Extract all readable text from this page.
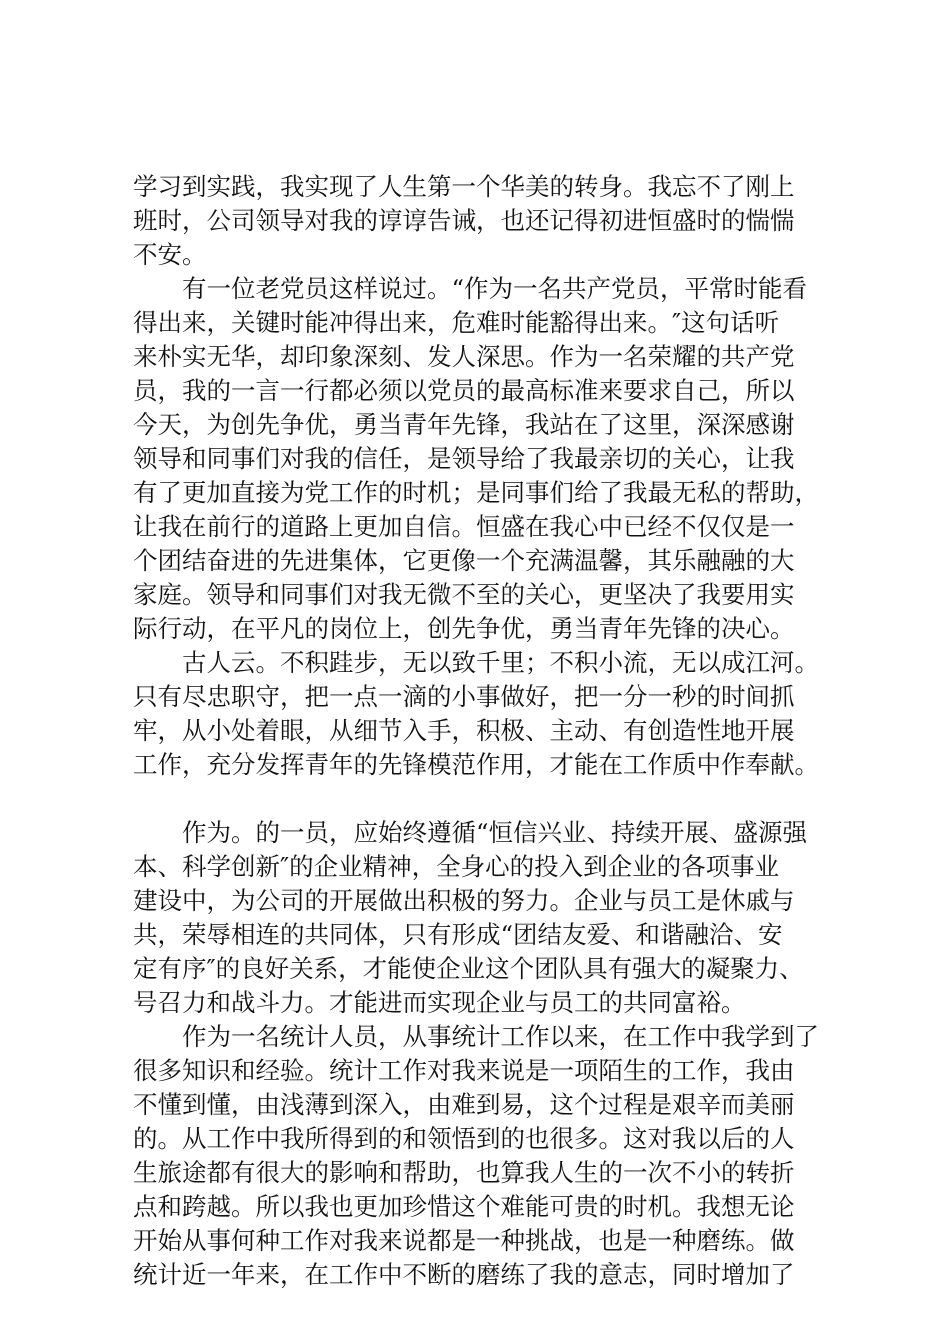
学习到实践，我实现了人生第一个华美的转身。我忘不了刚上
班时，公司领导对我的谆谆告诫，也还记得初进恒盛时的惴惴
不安。

有一位老党员这样说过。“作为一名共产党员，平常时能看
得出来，关键时能冲得出来，危难时能豁得出来。″这句话听
来朴实无华，却印象深刻、发人深思。作为一名荣耀的共产党
员，我的一言一行都必须以党员的最高标准来要求自己，所以
今天，为创先争优，勇当青年先锋，我站在了这里，深深感谢
领导和同事们对我的信任，是领导给了我最亲切的关心，让我
有了更加直接为党工作的时机；是同事们给了我最无私的帮助，
让我在前行的道路上更加自信。恒盛在我心中已经不仅仅是一
个团结奋进的先进集体，它更像一个充满温馨，其乐融融的大
家庭。领导和同事们对我无微不至的关心，更坚决了我要用实
际行动，在平凡的岗位上，创先争优，勇当青年先锋的决心。

古人云。不积跬步，无以致千里；不积小流，无以成江河。
只有尽忠职守，把一点一滴的小事做好，把一分一秒的时间抓
牢，从小处着眼，从细节入手，积极、主动、有创造性地开展
工作，充分发挥青年的先锋模范作用，才能在工作质中作奉献。

作为。的一员，应始终遵循“恒信兴业、持续开展、盛源强
本、科学创新″的企业精神，全身心的投入到企业的各项事业
建设中，为公司的开展做出积极的努力。企业与员工是休戚与
共，荣辱相连的共同体，只有形成“团结友爱、和谐融洽、安
定有序″的良好关系，才能使企业这个团队具有强大的凝聚力、
号召力和战斗力。才能进而实现企业与员工的共同富裕。

作为一名统计人员，从事统计工作以来，在工作中我学到了
很多知识和经验。统计工作对我来说是一项陌生的工作，我由
不懂到懂，由浅薄到深入，由难到易，这个过程是艰辛而美丽
的。从工作中我所得到的和领悟到的也很多。这对我以后的人
生旅途都有很大的影响和帮助，也算我人生的一次不小的转折
点和跨越。所以我也更加珍惜这个难能可贵的时机。我想无论
开始从事何种工作对我来说都是一种挑战，也是一种磨练。做
统计近一年来，在工作中不断的磨练了我的意志，同时增加了
